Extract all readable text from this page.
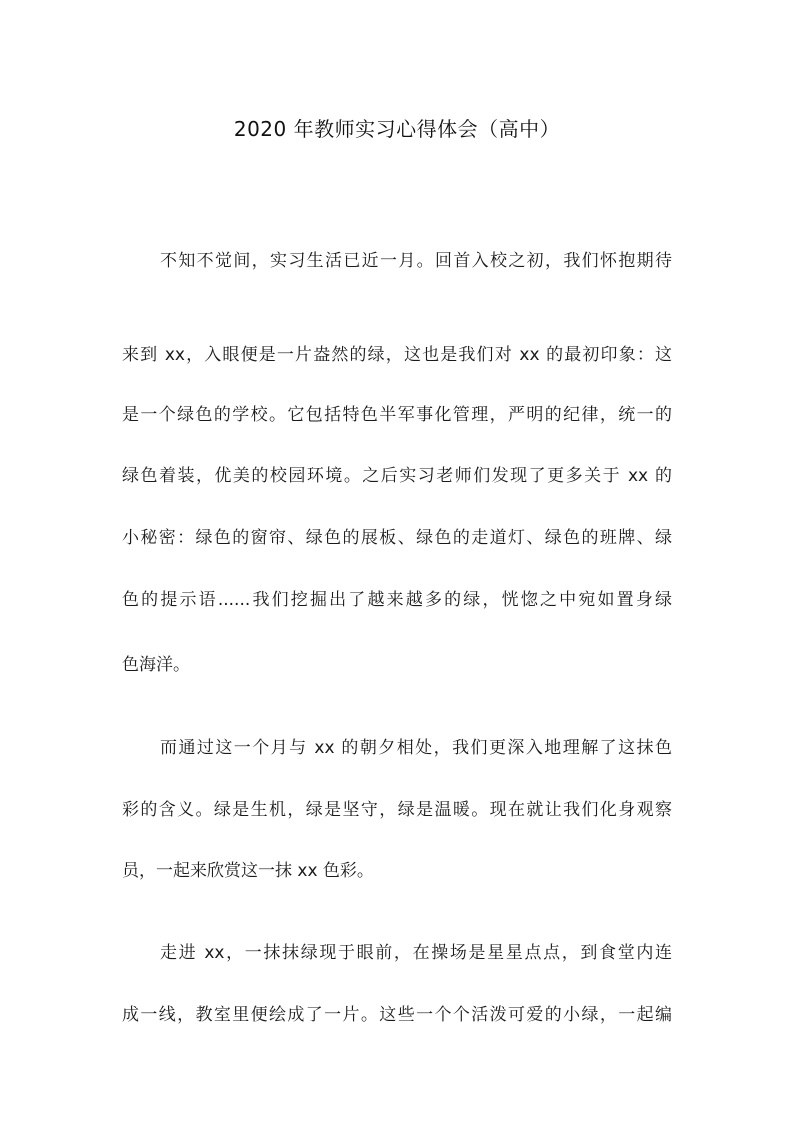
2020 年教师实习心得体会（高中）
不知不觉间，实习生活已近一月。回首入校之初，我们怀抱期待
来到 xx，入眼便是一片盎然的绿，这也是我们对 xx 的最初印象：这
是一个绿色的学校。它包括特色半军事化管理，严明的纪律，统一的
绿色着装，优美的校园环境。之后实习老师们发现了更多关于 xx 的
小秘密：绿色的窗帘、绿色的展板、绿色的走道灯、绿色的班牌、绿
色的提示语......我们挖掘出了越来越多的绿，恍惚之中宛如置身绿
色海洋。
而通过这一个月与 xx 的朝夕相处，我们更深入地理解了这抹色
彩的含义。绿是生机，绿是坚守，绿是温暖。现在就让我们化身观察
员，一起来欣赏这一抹 xx 色彩。
走进 xx，一抹抹绿现于眼前，在操场是星星点点，到食堂内连
成一线，教室里便绘成了一片。这些一个个活泼可爱的小绿，一起编
